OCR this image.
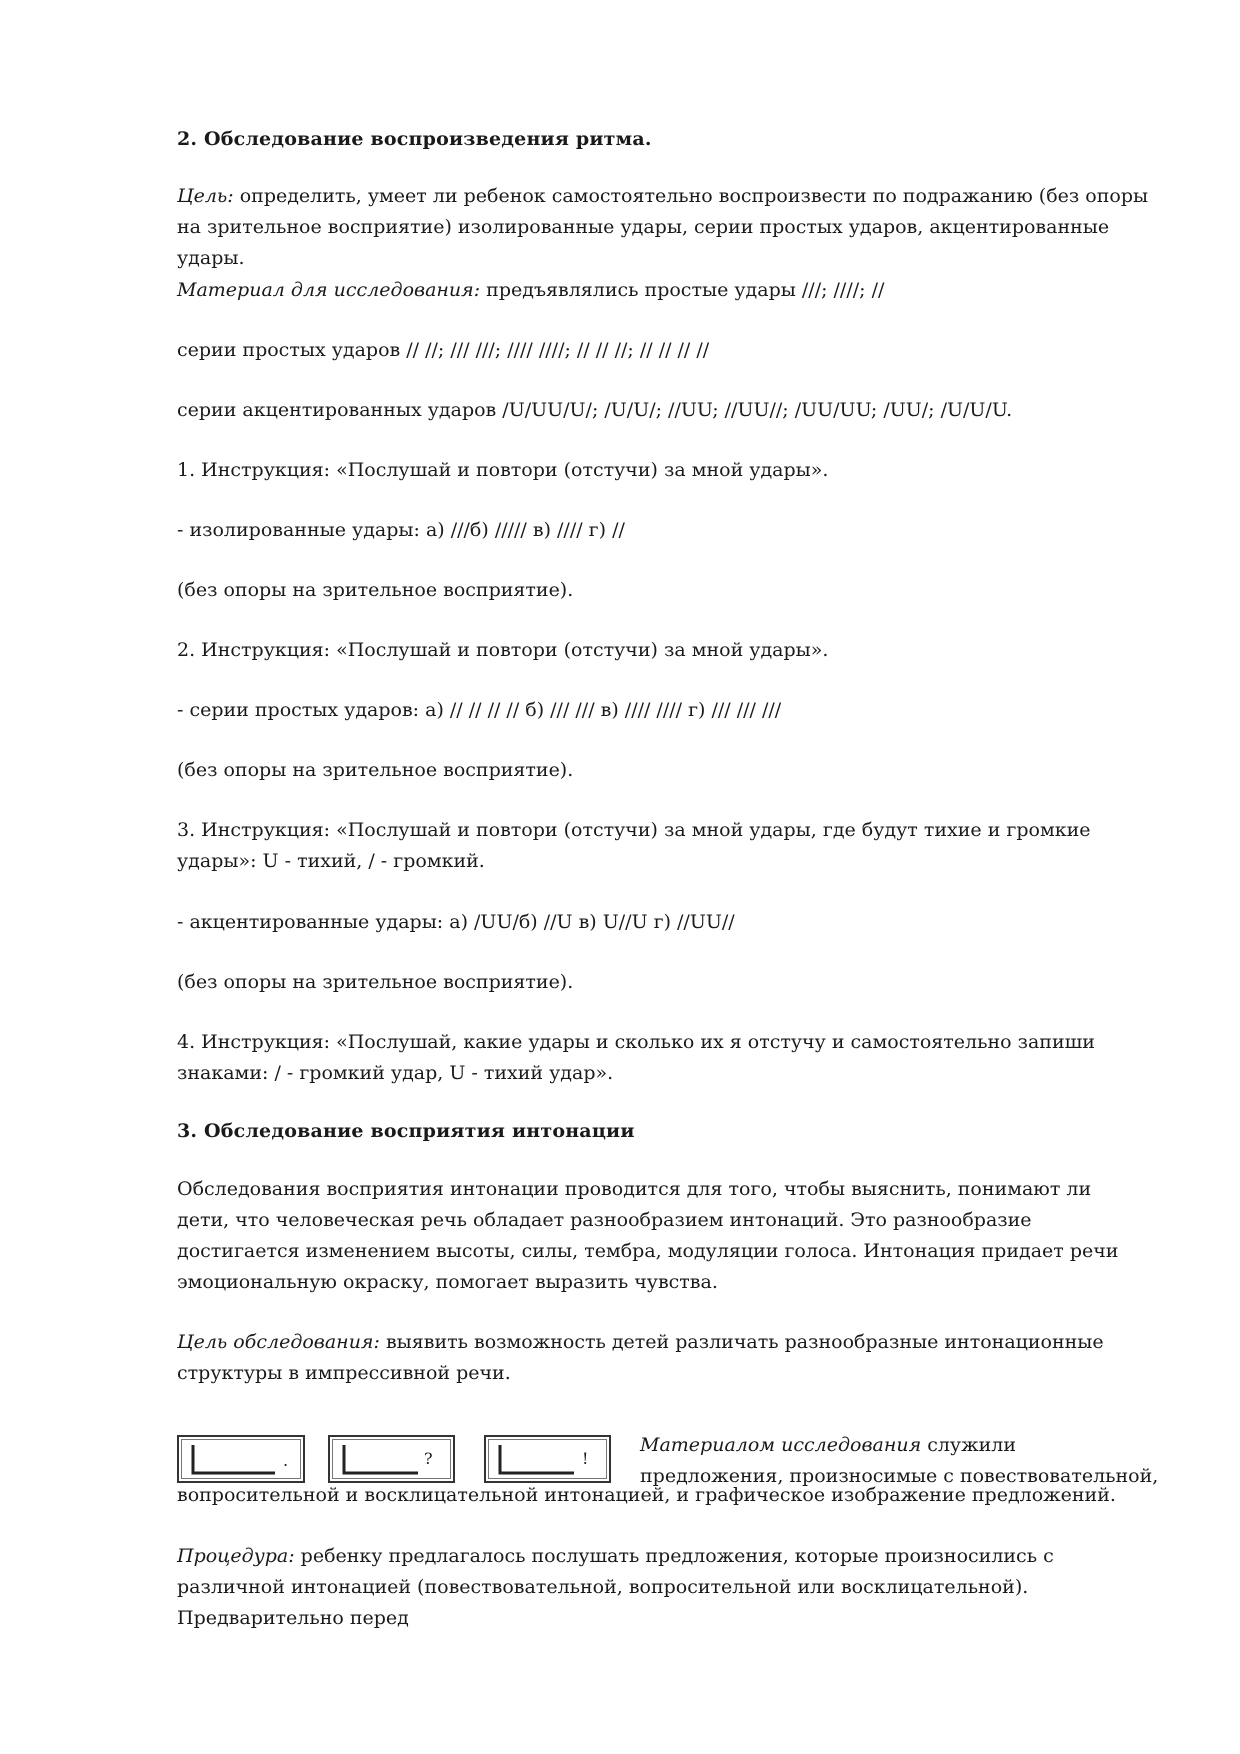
2. Обследование воспроизведения ритма.

Цель: определить, умеет ли ребенок самостоятельно воспроизвести по подражанию (без опоры на зрительное восприятие) изолированные удары, серии простых ударов, акцентированные удары.

Материал для исследования: предъявлялись простые удары ///; ////; //

серии простых ударов // //; /// ///; //// ////; // // //; // // // //

серии акцентированных ударов /U/UU/U/; /U/U/; //UU; //UU//; /UU/UU; /UU/; /U/U/U.

1. Инструкция: «Послушай и повтори (отстучи) за мной удары».

- изолированные удары: а) ///б) ///// в) //// г) //

(без опоры на зрительное восприятие).

2. Инструкция: «Послушай и повтори (отстучи) за мной удары».

- серии простых ударов: а) // // // // б) /// /// в) //// //// г) /// /// ///

(без опоры на зрительное восприятие).

3. Инструкция: «Послушай и повтори (отстучи) за мной удары, где будут тихие и громкие удары»: U - тихий, / - громкий.

- акцентированные удары: а) /UU/б) //U в) U//U г) //UU//

(без опоры на зрительное восприятие).

4. Инструкция: «Послушай, какие удары и сколько их я отстучу и самостоятельно запиши знаками: / - громкий удар, U - тихий удар».

3. Обследование восприятия интонации

Обследования восприятия интонации проводится для того, чтобы выяснить, понимают ли дети, что человеческая речь обладает разнообразием интонаций. Это разнообразие достигается изменением высоты, силы, тембра, модуляции голоса. Интонация придает речи эмоциональную окраску, помогает выразить чувства.

Цель обследования: выявить возможность детей различать разнообразные интонационные структуры в импрессивной речи.

.	?	!

Материалом исследования служили предложения, произносимые с повествовательной,

вопросительной и восклицательной интонацией, и графическое изображение предложений.

Процедура: ребенку предлагалось послушать предложения, которые произносились с различной интонацией (повествовательной, вопросительной или восклицательной). Предварительно перед
